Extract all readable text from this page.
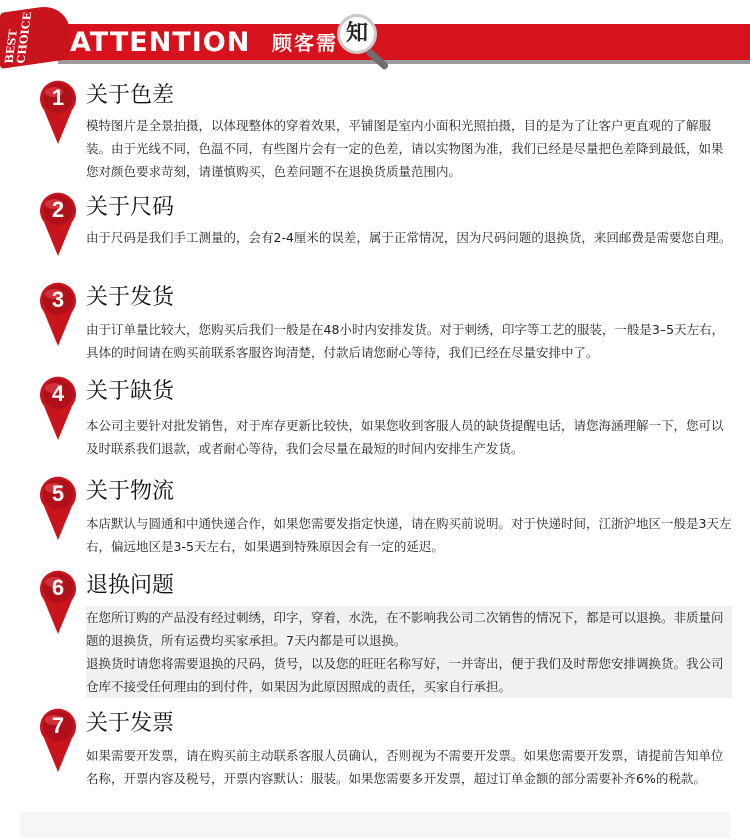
BEST CHOICE ATTENTION 顾客需 知
1 关于色差
模特图片是全景拍摄，以体现整体的穿着效果，平铺图是室内小面积光照拍摄，目的是为了让客户更直观的了解服装。由于光线不同，色温不同，有些图片会有一定的色差，请以实物图为准，我们已经是尽量把色差降到最低，如果您对颜色要求苛刻，请谨慎购买，色差问题不在退换货质量范围内。
2 关于尺码
由于尺码是我们手工测量的，会有2-4厘米的误差，属于正常情况，因为尺码问题的退换货，来回邮费是需要您自理。
3 关于发货
由于订单量比较大，您购买后我们一般是在48小时内安排发货。对于刺绣，印字等工艺的服装，一般是3–5天左右，具体的时间请在购买前联系客服咨询清楚，付款后请您耐心等待，我们已经在尽量安排中了。
4 关于缺货
本公司主要针对批发销售，对于库存更新比较快，如果您收到客服人员的缺货提醒电话，请您海涵理解一下，您可以及时联系我们退款，或者耐心等待，我们会尽量在最短的时间内安排生产发货。
5 关于物流
本店默认与圆通和中通快递合作，如果您需要发指定快递，请在购买前说明。对于快递时间，江浙沪地区一般是3天左右，偏远地区是3-5天左右，如果遇到特殊原因会有一定的延迟。
6 退换问题
在您所订购的产品没有经过刺绣，印字，穿着，水洗，在不影响我公司二次销售的情况下，都是可以退换。非质量问题的退换货，所有运费均买家承担。7天内都是可以退换。
退换货时请您将需要退换的尺码，货号，以及您的旺旺名称写好，一并寄出，便于我们及时帮您安排调换货。我公司仓库不接受任何理由的到付件，如果因为此原因照成的责任，买家自行承担。
7 关于发票
如果需要开发票，请在购买前主动联系客服人员确认，否则视为不需要开发票。如果您需要开发票，请提前告知单位名称，开票内容及税号，开票内容默认：服装。如果您需要多开发票，超过订单金额的部分需要补齐6%的税款。
